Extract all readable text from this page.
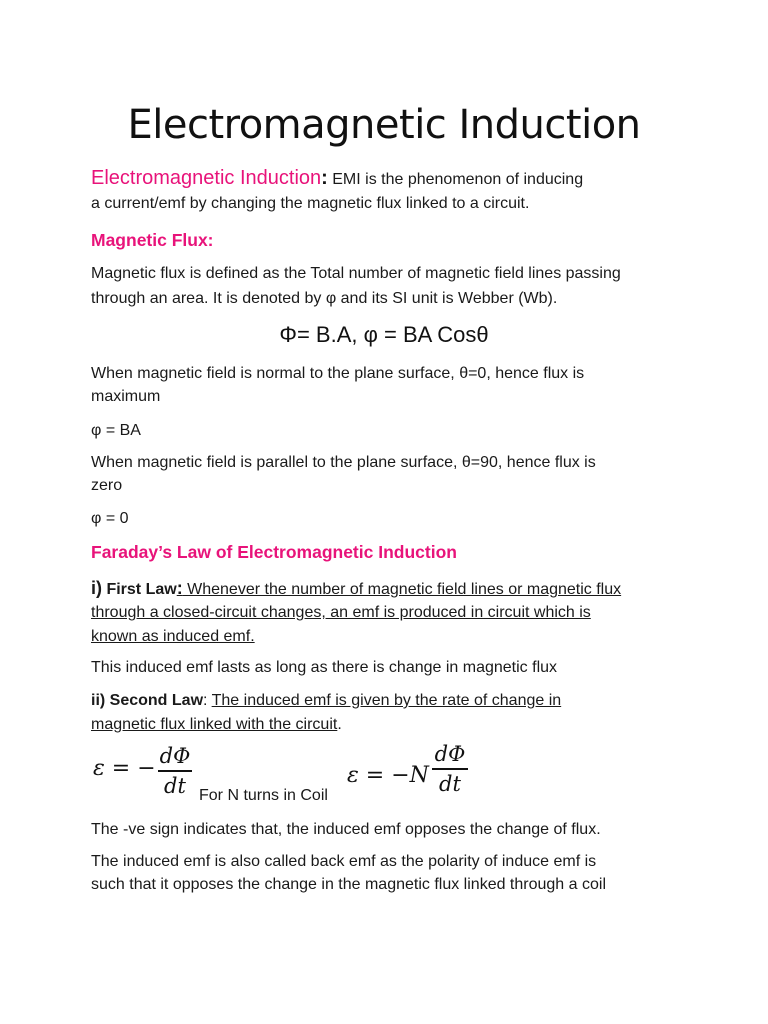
Electromagnetic Induction
Electromagnetic Induction: EMI is the phenomenon of inducing
a current/emf by changing the magnetic flux linked to a circuit.
Magnetic Flux:
Magnetic flux is defined as the Total number of magnetic field lines passing
through an area. It is denoted by φ and its SI unit is Webber (Wb).
Φ= B.A, φ = BA Cosθ
When magnetic field is normal to the plane surface, θ=0, hence flux is
maximum
φ = BA
When magnetic field is parallel to the plane surface, θ=90, hence flux is
zero
φ = 0
Faraday’s Law of Electromagnetic Induction
i) First Law: Whenever the number of magnetic field lines or magnetic flux
through a closed-circuit changes, an emf is produced in circuit which is
known as induced emf.
This induced emf lasts as long as there is change in magnetic flux
ii) Second Law: The induced emf is given by the rate of change in
magnetic flux linked with the circuit.
ε = − dΦ
dt For N turns in Coil
ε = −N
dΦ
dt
The -ve sign indicates that, the induced emf opposes the change of flux.
The induced emf is also called back emf as the polarity of induce emf is
such that it opposes the change in the magnetic flux linked through a coil
